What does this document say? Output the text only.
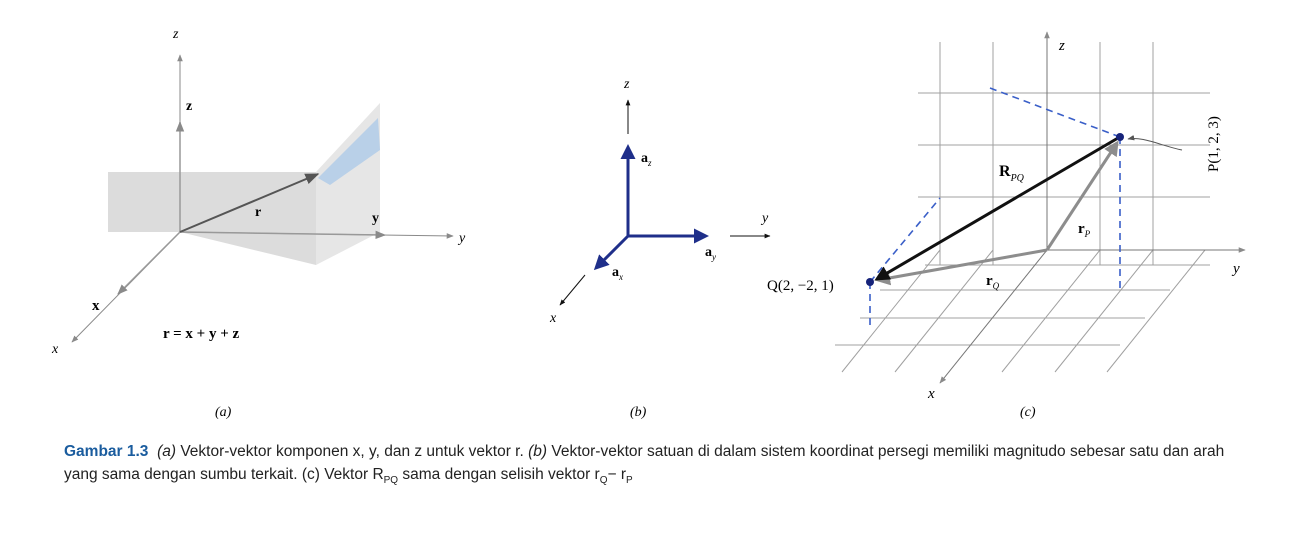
z
y
x
z
y
x
r
r = x + y + z
(a)
z
y
x
$a_z$
$a_y$
$a_x$
(b)
z
y
x
P(1, 2, 3)
Q(2, −2, 1)
$R_{PQ}$
$r_P$
$r_Q$
(c)
Gambar 1.3 (a) Vektor-vektor komponen x, y, dan z untuk vektor r. (b) Vektor-vektor satuan di dalam sistem koordinat persegi memiliki magnitudo sebesar satu dan arah yang sama dengan sumbu terkait. (c) Vektor $R_{PQ}$ sama dengan selisih vektor $r_Q- r_P$
